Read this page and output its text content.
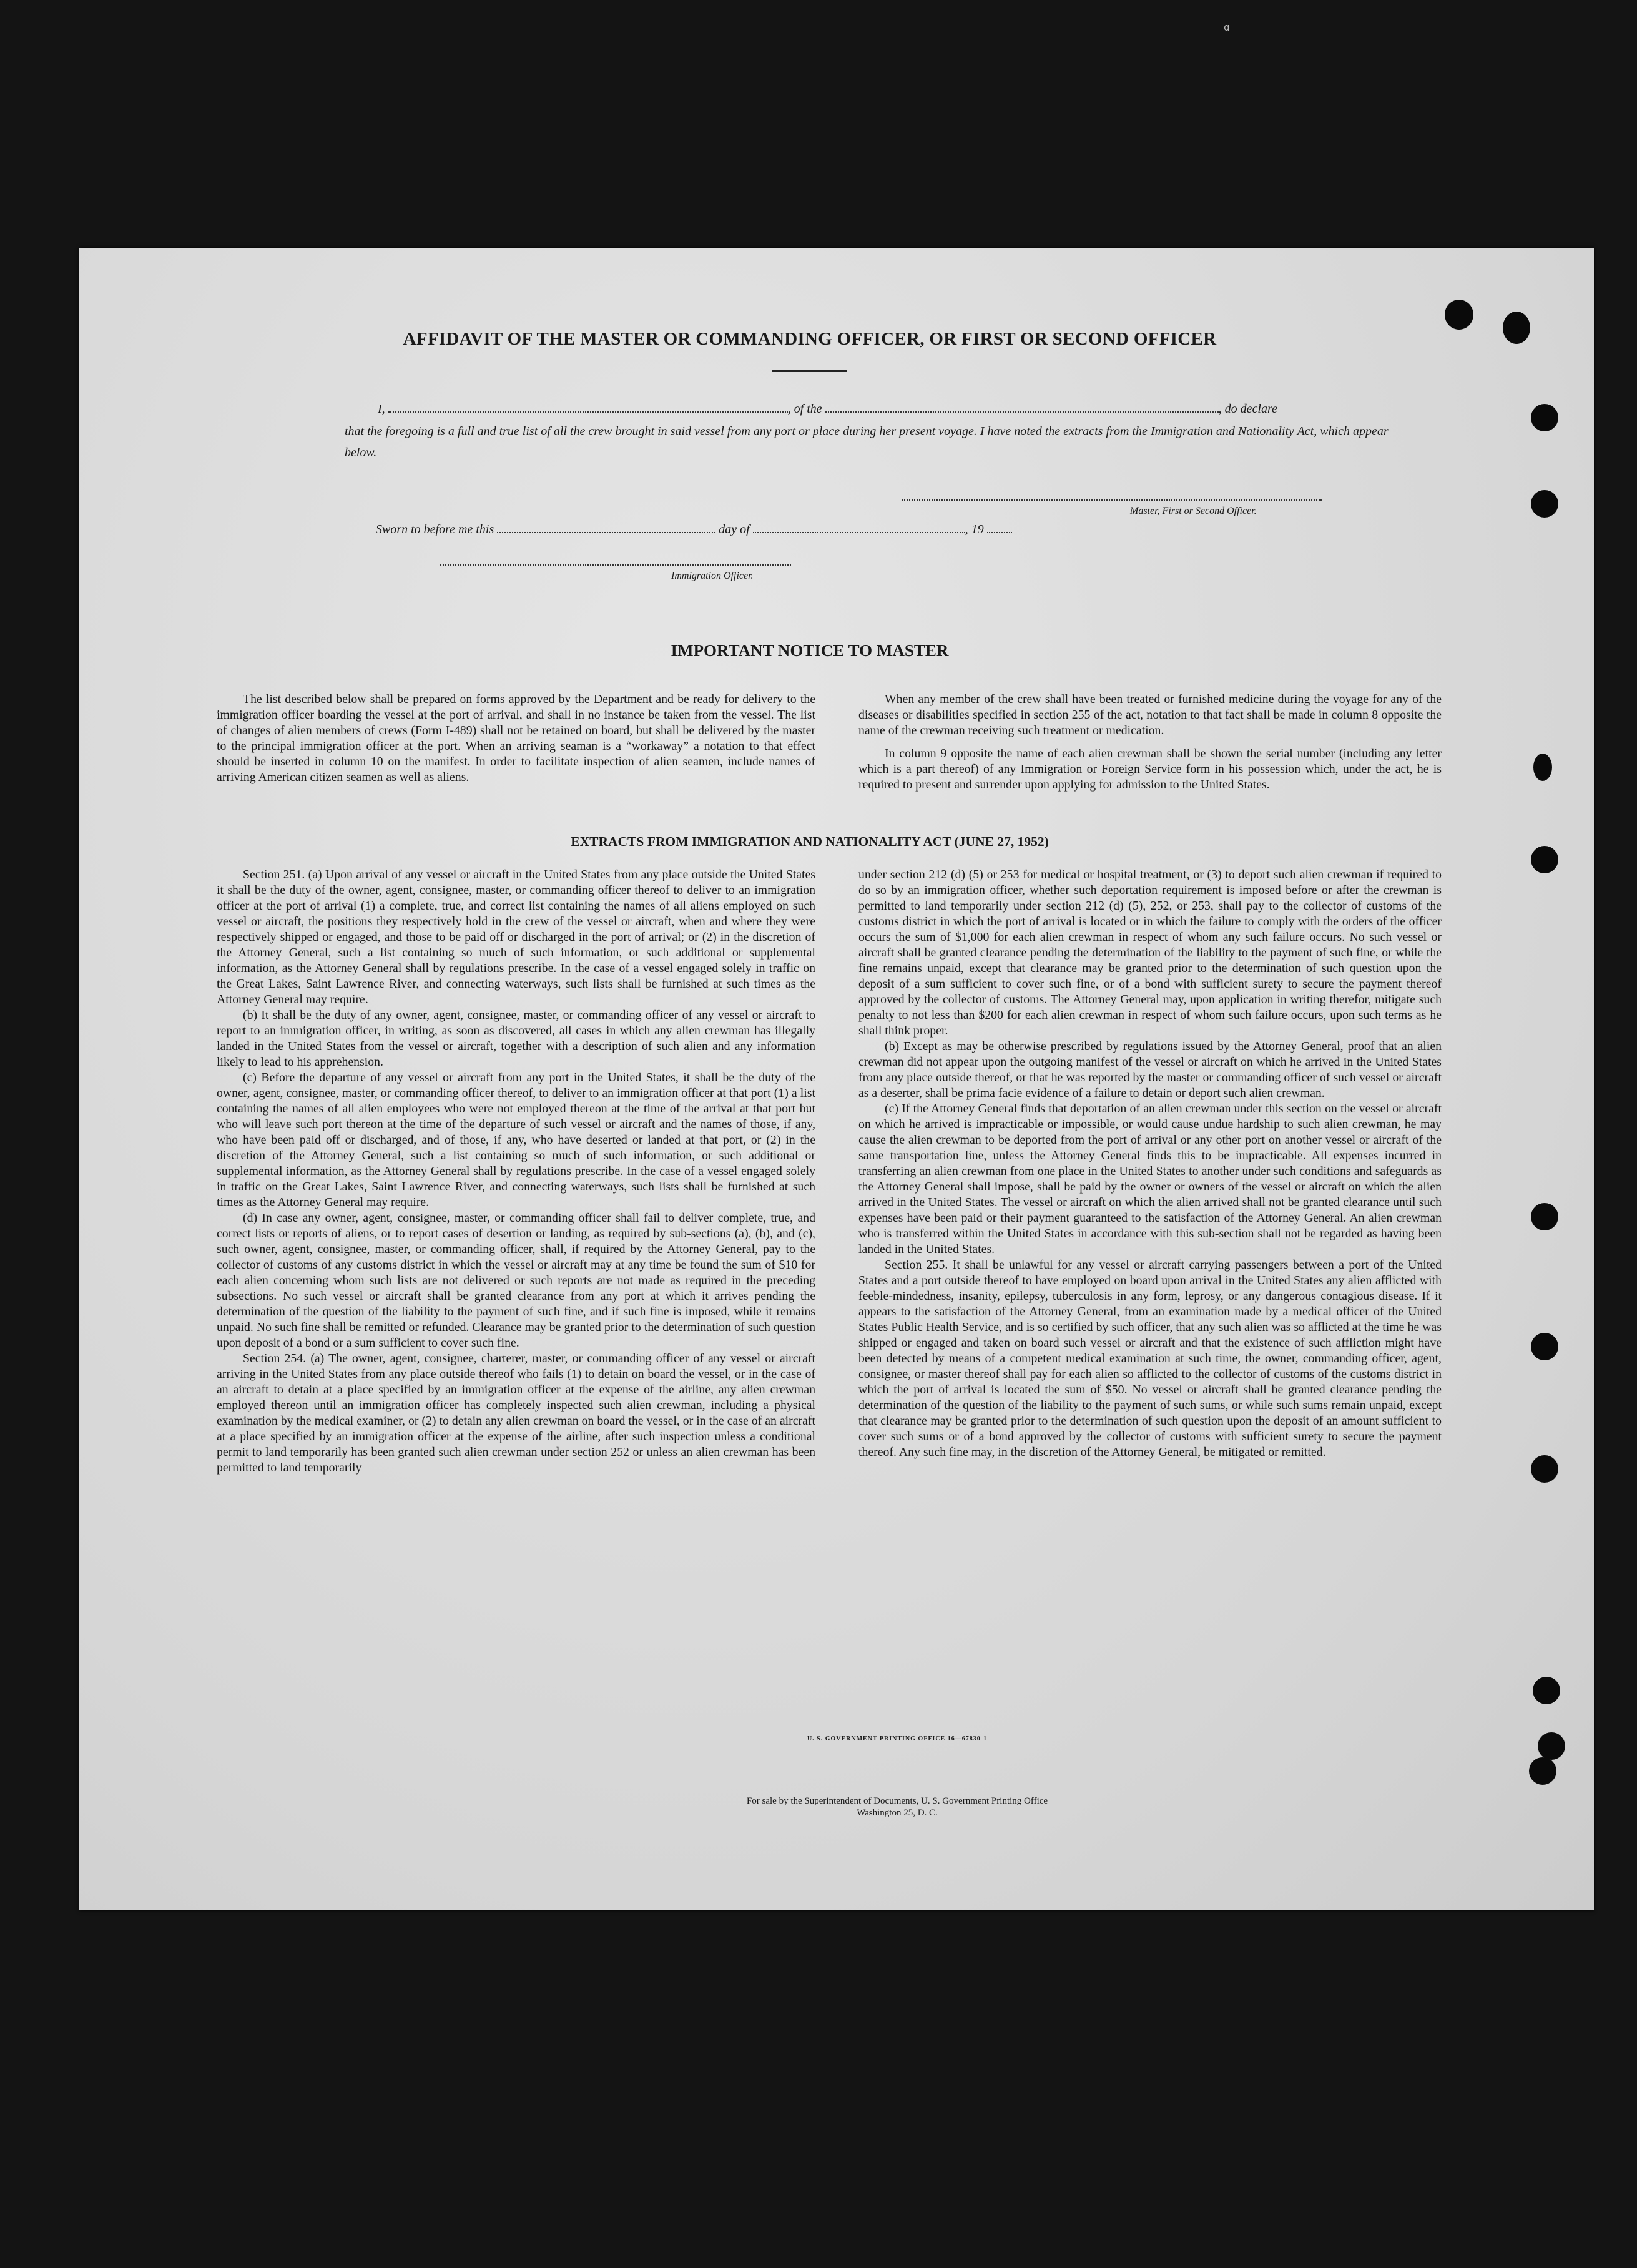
ɑ
AFFIDAVIT OF THE MASTER OR COMMANDING OFFICER, OR FIRST OR SECOND OFFICER
I,	, of the	, do declare
that the foregoing is a full and true list of all the crew brought in said vessel from any port or place during her present voyage. I have noted the extracts from the Immigration and Nationality Act, which appear below.
Master, First or Second Officer.
Sworn to before me this	day of	, 19
Immigration Officer.
IMPORTANT NOTICE TO MASTER

The list described below shall be prepared on forms approved by the Department and be ready for delivery to the immigration officer boarding the vessel at the port of arrival, and shall in no instance be taken from the vessel. The list of changes of alien members of crews (Form I-489) shall not be retained on board, but shall be delivered by the master to the principal immigration officer at the port. When an arriving seaman is a “workaway” a notation to that effect should be inserted in column 10 on the manifest. In order to facilitate inspection of alien seamen, include names of arriving American citizen seamen as well as aliens.

When any member of the crew shall have been treated or furnished medicine during the voyage for any of the diseases or disabilities specified in section 255 of the act, notation to that fact shall be made in column 8 opposite the name of the crewman receiving such treatment or medication.

In column 9 opposite the name of each alien crewman shall be shown the serial number (including any letter which is a part thereof) of any Immigration or Foreign Service form in his possession which, under the act, he is required to present and surrender upon applying for admission to the United States.

EXTRACTS FROM IMMIGRATION AND NATIONALITY ACT (JUNE 27, 1952)

Section 251. (a) Upon arrival of any vessel or aircraft in the United States from any place outside the United States it shall be the duty of the owner, agent, consignee, master, or commanding officer thereof to deliver to an immigration officer at the port of arrival (1) a complete, true, and correct list containing the names of all aliens employed on such vessel or aircraft, the positions they respectively hold in the crew of the vessel or aircraft, when and where they were respectively shipped or engaged, and those to be paid off or discharged in the port of arrival; or (2) in the discretion of the Attorney General, such a list containing so much of such information, or such additional or supplemental information, as the Attorney General shall by regulations prescribe. In the case of a vessel engaged solely in traffic on the Great Lakes, Saint Lawrence River, and connecting waterways, such lists shall be furnished at such times as the Attorney General may require.

(b) It shall be the duty of any owner, agent, consignee, master, or commanding officer of any vessel or aircraft to report to an immigration officer, in writing, as soon as discovered, all cases in which any alien crewman has illegally landed in the United States from the vessel or aircraft, together with a description of such alien and any information likely to lead to his apprehension.

(c) Before the departure of any vessel or aircraft from any port in the United States, it shall be the duty of the owner, agent, consignee, master, or commanding officer thereof, to deliver to an immigration officer at that port (1) a list containing the names of all alien employees who were not employed thereon at the time of the arrival at that port but who will leave such port thereon at the time of the departure of such vessel or aircraft and the names of those, if any, who have been paid off or discharged, and of those, if any, who have deserted or landed at that port, or (2) in the discretion of the Attorney General, such a list containing so much of such information, or such additional or supplemental information, as the Attorney General shall by regulations prescribe. In the case of a vessel engaged solely in traffic on the Great Lakes, Saint Lawrence River, and connecting waterways, such lists shall be furnished at such times as the Attorney General may require.

(d) In case any owner, agent, consignee, master, or commanding officer shall fail to deliver complete, true, and correct lists or reports of aliens, or to report cases of desertion or landing, as required by sub-sections (a), (b), and (c), such owner, agent, consignee, master, or commanding officer, shall, if required by the Attorney General, pay to the collector of customs of any customs district in which the vessel or aircraft may at any time be found the sum of $10 for each alien concerning whom such lists are not delivered or such reports are not made as required in the preceding subsections. No such vessel or aircraft shall be granted clearance from any port at which it arrives pending the determination of the question of the liability to the payment of such fine, and if such fine is imposed, while it remains unpaid. No such fine shall be remitted or refunded. Clearance may be granted prior to the determination of such question upon deposit of a bond or a sum sufficient to cover such fine.

Section 254. (a) The owner, agent, consignee, charterer, master, or commanding officer of any vessel or aircraft arriving in the United States from any place outside thereof who fails (1) to detain on board the vessel, or in the case of an aircraft to detain at a place specified by an immigration officer at the expense of the airline, any alien crewman employed thereon until an immigration officer has completely inspected such alien crewman, including a physical examination by the medical examiner, or (2) to detain any alien crewman on board the vessel, or in the case of an aircraft at a place specified by an immigration officer at the expense of the airline, after such inspection unless a conditional permit to land temporarily has been granted such alien crewman under section 252 or unless an alien crewman has been permitted to land temporarily

under section 212 (d) (5) or 253 for medical or hospital treatment, or (3) to deport such alien crewman if required to do so by an immigration officer, whether such deportation requirement is imposed before or after the crewman is permitted to land temporarily under section 212 (d) (5), 252, or 253, shall pay to the collector of customs of the customs district in which the port of arrival is located or in which the failure to comply with the orders of the officer occurs the sum of $1,000 for each alien crewman in respect of whom any such failure occurs. No such vessel or aircraft shall be granted clearance pending the determination of the liability to the payment of such fine, or while the fine remains unpaid, except that clearance may be granted prior to the determination of such question upon the deposit of a sum sufficient to cover such fine, or of a bond with sufficient surety to secure the payment thereof approved by the collector of customs. The Attorney General may, upon application in writing therefor, mitigate such penalty to not less than $200 for each alien crewman in respect of whom such failure occurs, upon such terms as he shall think proper.

(b) Except as may be otherwise prescribed by regulations issued by the Attorney General, proof that an alien crewman did not appear upon the outgoing manifest of the vessel or aircraft on which he arrived in the United States from any place outside thereof, or that he was reported by the master or commanding officer of such vessel or aircraft as a deserter, shall be prima facie evidence of a failure to detain or deport such alien crewman.

(c) If the Attorney General finds that deportation of an alien crewman under this section on the vessel or aircraft on which he arrived is impracticable or impossible, or would cause undue hardship to such alien crewman, he may cause the alien crewman to be deported from the port of arrival or any other port on another vessel or aircraft of the same transportation line, unless the Attorney General finds this to be impracticable. All expenses incurred in transferring an alien crewman from one place in the United States to another under such conditions and safeguards as the Attorney General shall impose, shall be paid by the owner or owners of the vessel or aircraft on which the alien arrived in the United States. The vessel or aircraft on which the alien arrived shall not be granted clearance until such expenses have been paid or their payment guaranteed to the satisfaction of the Attorney General. An alien crewman who is transferred within the United States in accordance with this sub-section shall not be regarded as having been landed in the United States.

Section 255. It shall be unlawful for any vessel or aircraft carrying passengers between a port of the United States and a port outside thereof to have employed on board upon arrival in the United States any alien afflicted with feeble-mindedness, insanity, epilepsy, tuberculosis in any form, leprosy, or any dangerous contagious disease. If it appears to the satisfaction of the Attorney General, from an examination made by a medical officer of the United States Public Health Service, and is so certified by such officer, that any such alien was so afflicted at the time he was shipped or engaged and taken on board such vessel or aircraft and that the existence of such affliction might have been detected by means of a competent medical examination at such time, the owner, commanding officer, agent, consignee, or master thereof shall pay for each alien so afflicted to the collector of customs of the customs district in which the port of arrival is located the sum of $50. No vessel or aircraft shall be granted clearance pending the determination of the question of the liability to the payment of such sums, or while such sums remain unpaid, except that clearance may be granted prior to the determination of such question upon the deposit of an amount sufficient to cover such sums or of a bond approved by the collector of customs with sufficient surety to secure the payment thereof. Any such fine may, in the discretion of the Attorney General, be mitigated or remitted.

U. S. GOVERNMENT PRINTING OFFICE 16—67830-1
For sale by the Superintendent of Documents, U. S. Government Printing Office
Washington 25, D. C.
